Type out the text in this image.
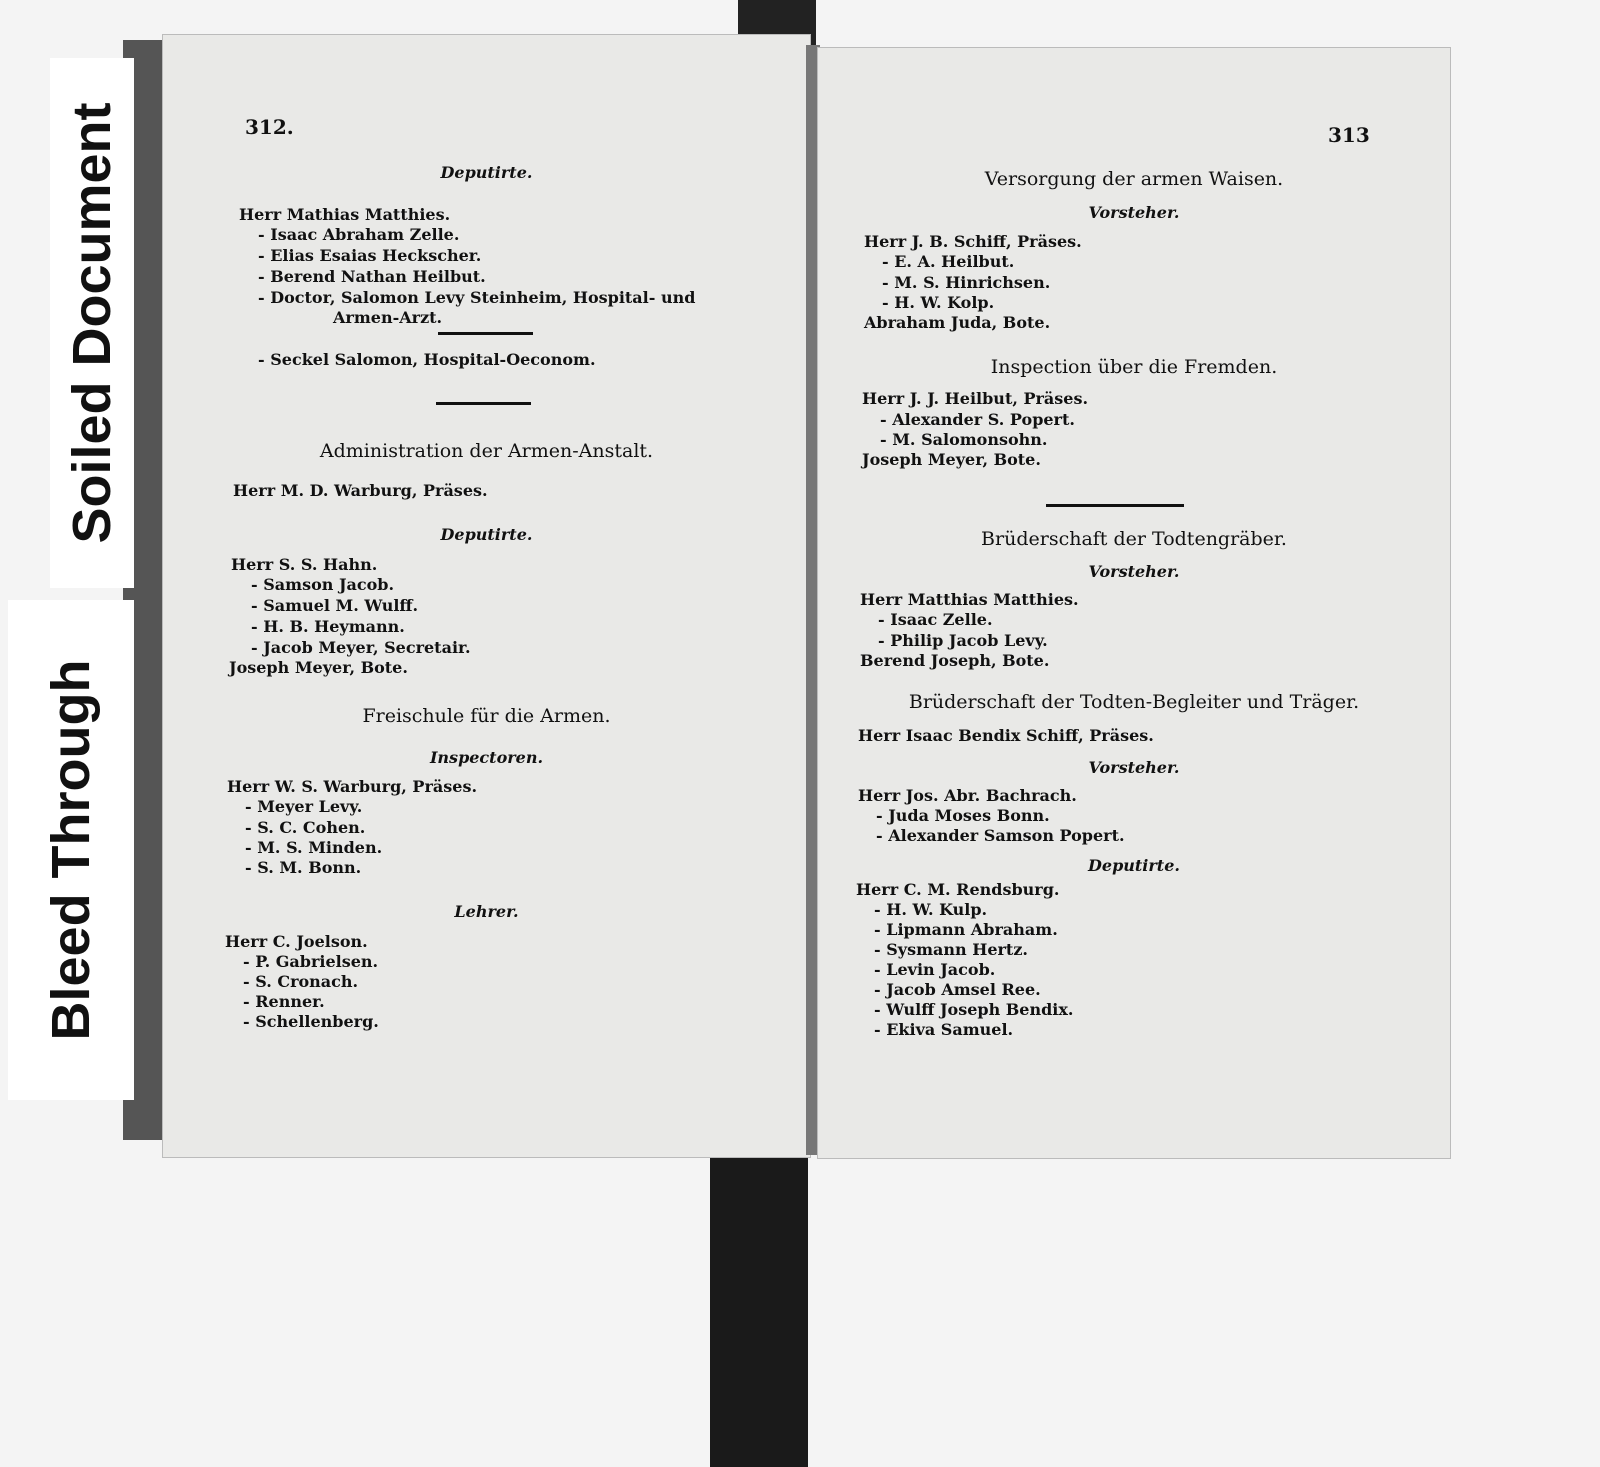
Soiled Document
Bleed Through
312.
Deputirte.
Herr Mathias Matthies.
- Isaac Abraham Zelle.
- Elias Esaias Heckscher.
- Berend Nathan Heilbut.
- Doctor, Salomon Levy Steinheim, Hospital- und
Armen-Arzt.
- Seckel Salomon, Hospital-Oeconom.
Administration der Armen-Anstalt.
Herr M. D. Warburg, Präses.
Deputirte.
Herr S. S. Hahn.
- Samson Jacob.
- Samuel M. Wulff.
- H. B. Heymann.
- Jacob Meyer, Secretair.
Joseph Meyer, Bote.
Freischule für die Armen.
Inspectoren.
Herr W. S. Warburg, Präses.
- Meyer Levy.
- S. C. Cohen.
- M. S. Minden.
- S. M. Bonn.
Lehrer.
Herr C. Joelson.
- P. Gabrielsen.
- S. Cronach.
- Renner.
- Schellenberg.
313
Versorgung der armen Waisen.
Vorsteher.
Herr J. B. Schiff, Präses.
- E. A. Heilbut.
- M. S. Hinrichsen.
- H. W. Kolp.
Abraham Juda, Bote.
Inspection über die Fremden.
Herr J. J. Heilbut, Präses.
- Alexander S. Popert.
- M. Salomonsohn.
Joseph Meyer, Bote.
Brüderschaft der Todtengräber.
Vorsteher.
Herr Matthias Matthies.
- Isaac Zelle.
- Philip Jacob Levy.
Berend Joseph, Bote.
Brüderschaft der Todten-Begleiter und Träger.
Herr Isaac Bendix Schiff, Präses.
Vorsteher.
Herr Jos. Abr. Bachrach.
- Juda Moses Bonn.
- Alexander Samson Popert.
Deputirte.
Herr C. M. Rendsburg.
- H. W. Kulp.
- Lipmann Abraham.
- Sysmann Hertz.
- Levin Jacob.
- Jacob Amsel Ree.
- Wulff Joseph Bendix.
- Ekiva Samuel.
